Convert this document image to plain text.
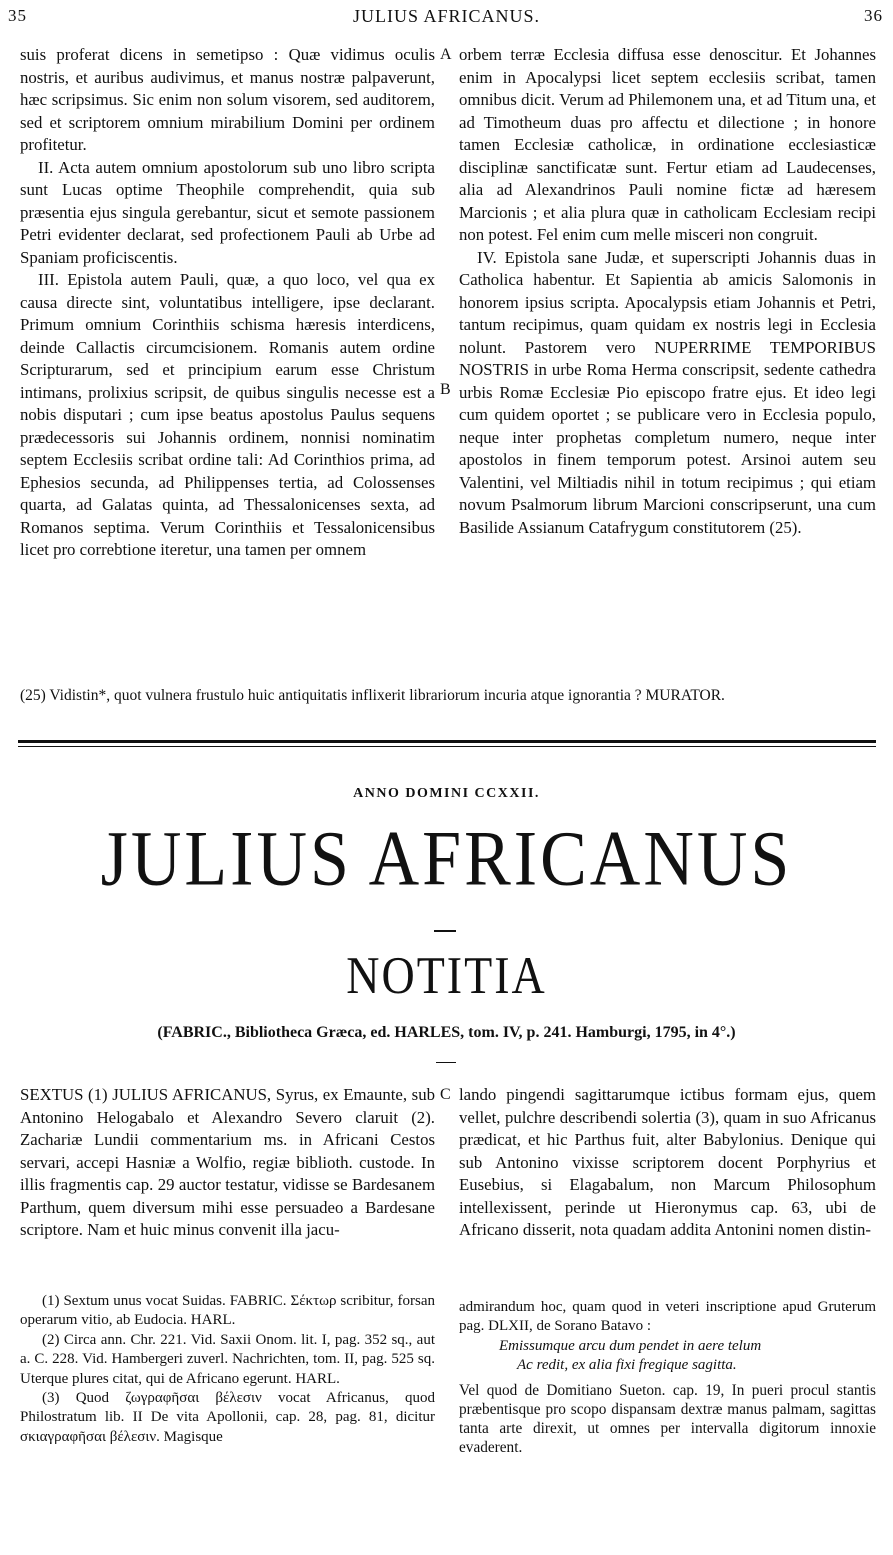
35	JULIUS AFRICANUS.	36

suis proferat dicens in semetipso : Quæ vidimus oculis nostris, et auribus audivimus, et manus nostræ palpaverunt, hæc scripsimus. Sic enim non solum visorem, sed auditorem, sed et scriptorem omnium mirabilium Domini per ordinem profitetur.

II. Acta autem omnium apostolorum sub uno libro scripta sunt Lucas optime Theophile comprehendit, quia sub præsentia ejus singula gerebantur, sicut et semote passionem Petri evidenter declarat, sed profectionem Pauli ab Urbe ad Spaniam proficiscentis.

III. Epistola autem Pauli, quæ, a quo loco, vel qua ex causa directe sint, voluntatibus intelligere, ipse declarant. Primum omnium Corinthiis schisma hæresis interdicens, deinde Callactis circumcisionem. Romanis autem ordine Scripturarum, sed et principium earum esse Christum intimans, prolixius scripsit, de quibus singulis necesse est a nobis disputari ; cum ipse beatus apostolus Paulus sequens prædecessoris sui Johannis ordinem, nonnisi nominatim septem Ecclesiis scribat ordine tali: Ad Corinthios prima, ad Ephesios secunda, ad Philippenses tertia, ad Colossenses quarta, ad Galatas quinta, ad Thessalonicenses sexta, ad Romanos septima. Verum Corinthiis et Tessalonicensibus licet pro correbtione iteretur, una tamen per omnem

A
B

orbem terræ Ecclesia diffusa esse denoscitur. Et Johannes enim in Apocalypsi licet septem ecclesiis scribat, tamen omnibus dicit. Verum ad Philemonem una, et ad Titum una, et ad Timotheum duas pro affectu et dilectione ; in honore tamen Ecclesiæ catholicæ, in ordinatione ecclesiasticæ disciplinæ sanctificatæ sunt. Fertur etiam ad Laudecenses, alia ad Alexandrinos Pauli nomine fictæ ad hæresem Marcionis ; et alia plura quæ in catholicam Ecclesiam recipi non potest. Fel enim cum melle misceri non congruit.

IV. Epistola sane Judæ, et superscripti Johannis duas in Catholica habentur. Et Sapientia ab amicis Salomonis in honorem ipsius scripta. Apocalypsis etiam Johannis et Petri, tantum recipimus, quam quidam ex nostris legi in Ecclesia nolunt. Pastorem vero NUPERRIME TEMPORIBUS NOSTRIS in urbe Roma Herma conscripsit, sedente cathedra urbis Romæ Ecclesiæ Pio episcopo fratre ejus. Et ideo legi cum quidem oportet ; se publicare vero in Ecclesia populo, neque inter prophetas completum numero, neque inter apostolos in finem temporum potest. Arsinoi autem seu Valentini, vel Miltiadis nihil in totum recipimus ; qui etiam novum Psalmorum librum Marcioni conscripserunt, una cum Basilide Assianum Catafrygum constitutorem (25).

(25) Vidistin*, quot vulnera frustulo huic antiquitatis inflixerit librariorum incuria atque ignorantia ? MURATOR.
ANNO DOMINI CCXXII.
JULIUS AFRICANUS
NOTITIA
(FABRIC., Bibliotheca Græca, ed. HARLES, tom. IV, p. 241. Hamburgi, 1795, in 4°.)

SEXTUS (1) JULIUS AFRICANUS, Syrus, ex Emaunte, sub Antonino Helogabalo et Alexandro Severo claruit (2). Zachariæ Lundii commentarium ms. in Africani Cestos servari, accepi Hasniæ a Wolfio, regiæ biblioth. custode. In illis fragmentis cap. 29 auctor testatur, vidisse se Bardesanem Parthum, quem diversum mihi esse persuadeo a Bardesane scriptore. Nam et huic minus convenit illa jacu-

C lando pingendi sagittarumque ictibus formam ejus, quem vellet, pulchre describendi solertia (3), quam in suo Africanus prædicat, et hic Parthus fuit, alter Babylonius. Denique qui sub Antonino vixisse scriptorem docent Porphyrius et Eusebius, si Elagabalum, non Marcum Philosophum intellexissent, perinde ut Hieronymus cap. 63, ubi de Africano disserit, nota quadam addita Antonini nomen distin-

(1) Sextum unus vocat Suidas. FABRIC. Σέκτωρ scribitur, forsan operarum vitio, ab Eudocia. HARL.

(2) Circa ann. Chr. 221. Vid. Saxii Onom. lit. I, pag. 352 sq., aut a. C. 228. Vid. Hambergeri zuverl. Nachrichten, tom. II, pag. 525 sq. Uterque plures citat, qui de Africano egerunt. HARL.

(3) Quod ζωγραφῆσαι βέλεσιν vocat Africanus, quod Philostratum lib. II De vita Apollonii, cap. 28, pag. 81, dicitur σκιαγραφῆσαι βέλεσιν. Magisque

admirandum hoc, quam quod in veteri inscriptione apud Gruterum pag. DLXII, de Sorano Batavo :

Emissumque arcu dum pendet in aere telum
Ac redit, ex alia fixi fregique sagitta.

Vel quod de Domitiano Sueton. cap. 19, In pueri procul stantis præbentisque pro scopo dispansam dextræ manus palmam, sagittas tanta arte direxit, ut omnes per intervalla digitorum innoxie evaderent.
